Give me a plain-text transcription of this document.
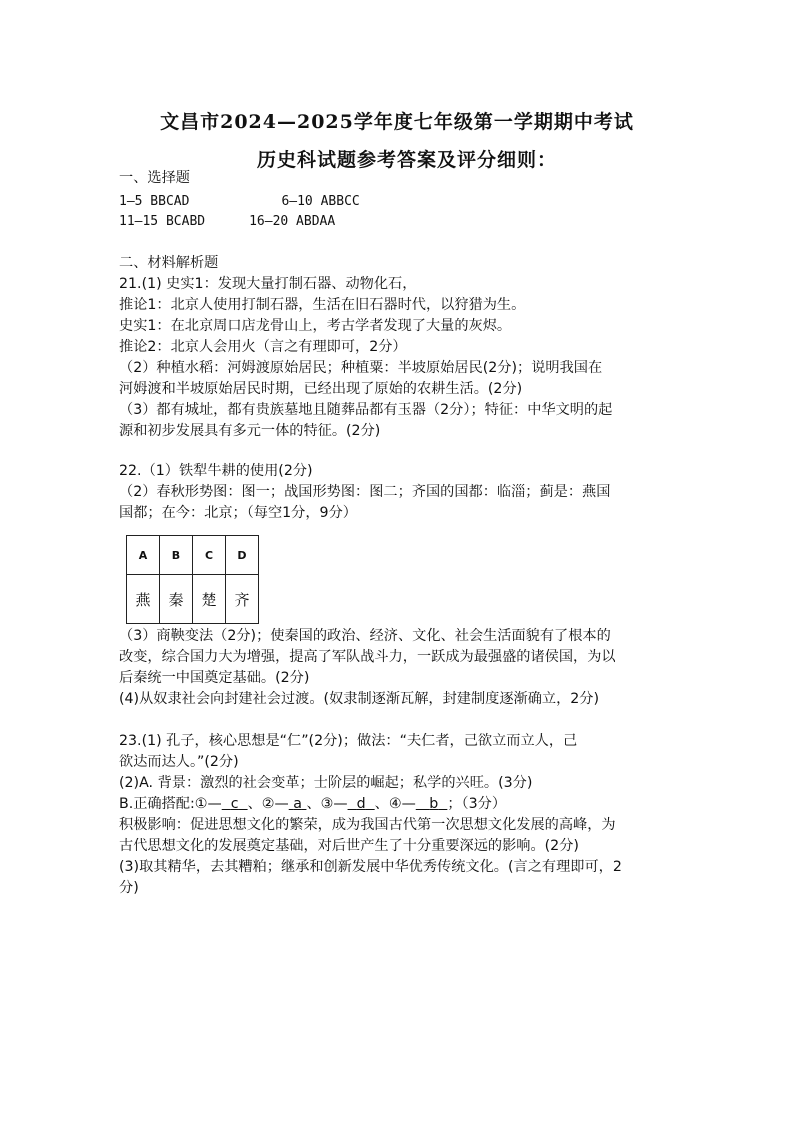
文昌市2024—2025学年度七年级第一学期期中考试
历史科试题参考答案及评分细则：
一、选择题
1—5 BBCAD	6—10 ABBCC
11—15 BCABD	16—20 ABDAA
二、材料解析题
21.(1) 史实1：发现大量打制石器、动物化石，
推论1：北京人使用打制石器，生活在旧石器时代，以狩猎为生。
史实1：在北京周口店龙骨山上，考古学者发现了大量的灰烬。
推论2：北京人会用火（言之有理即可，2分）
（2）种植水稻：河姆渡原始居民；种植粟：半坡原始居民(2分)；说明我国在
河姆渡和半坡原始居民时期，已经出现了原始的农耕生活。(2分)
（3）都有城址，都有贵族墓地且随葬品都有玉器（2分）；特征：中华文明的起
源和初步发展具有多元一体的特征。(2分)
22.（1）铁犁牛耕的使用(2分)
（2）春秋形势图：图一；战国形势图：图二；齐国的国都：临淄；蓟是：燕国
国都；在今：北京；（每空1分，9分）
A	B	C	D
燕	秦	楚	齐
（3）商鞅变法（2分)；使秦国的政治、经济、文化、社会生活面貌有了根本的
改变，综合国力大为增强，提高了军队战斗力，一跃成为最强盛的诸侯国，为以
后秦统一中国奠定基础。(2分)
(4)从奴隶社会向封建社会过渡。(奴隶制逐渐瓦解，封建制度逐渐确立，2分)
23.(1) 孔子，核心思想是“仁”(2分)；做法：“夫仁者，己欲立而立人，己
欲达而达人。”(2分)
(2)A. 背景：激烈的社会变革；士阶层的崛起；私学的兴旺。(3分)
B.正确搭配:①— c 、②— a 、③— d 、④— b ；（3分）
积极影响：促进思想文化的繁荣，成为我国古代第一次思想文化发展的高峰，为
古代思想文化的发展奠定基础，对后世产生了十分重要深远的影响。(2分)
(3)取其精华，去其糟粕；继承和创新发展中华优秀传统文化。(言之有理即可，2
分)
